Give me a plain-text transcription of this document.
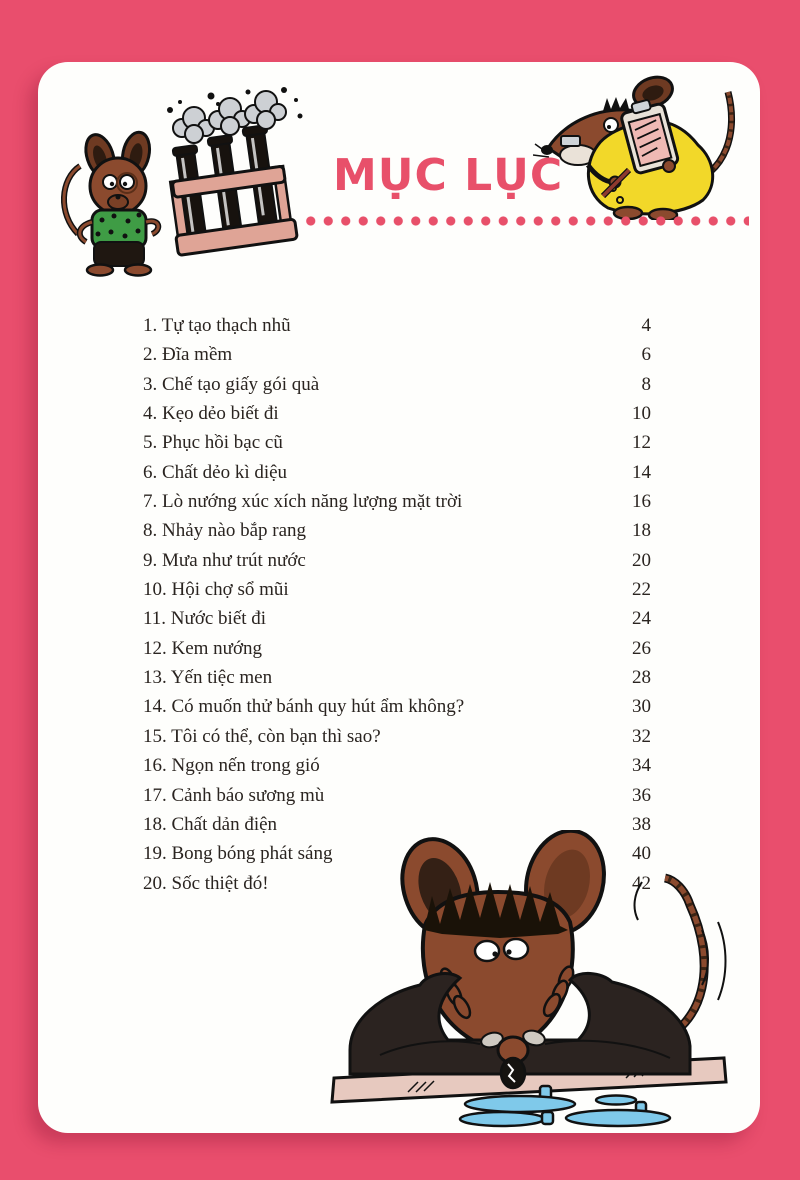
MỤC LỤC
1. Tự tạo thạch nhũ	4
2. Đĩa mềm	6
3. Chế tạo giấy gói quà	8
4. Kẹo dẻo biết đi	10
5. Phục hồi bạc cũ	12
6. Chất dẻo kì diệu	14
7. Lò nướng xúc xích năng lượng mặt trời	16
8. Nhảy nào bắp rang	18
9. Mưa như trút nước	20
10. Hội chợ sổ mũi	22
11. Nước biết đi	24
12. Kem nướng	26
13. Yến tiệc men	28
14. Có muốn thử bánh quy hút ẩm không?	30
15. Tôi có thể, còn bạn thì sao?	32
16. Ngọn nến trong gió	34
17. Cảnh báo sương mù	36
18. Chất dản điện	38
19. Bong bóng phát sáng	40
20. Sốc thiệt đó!	42
